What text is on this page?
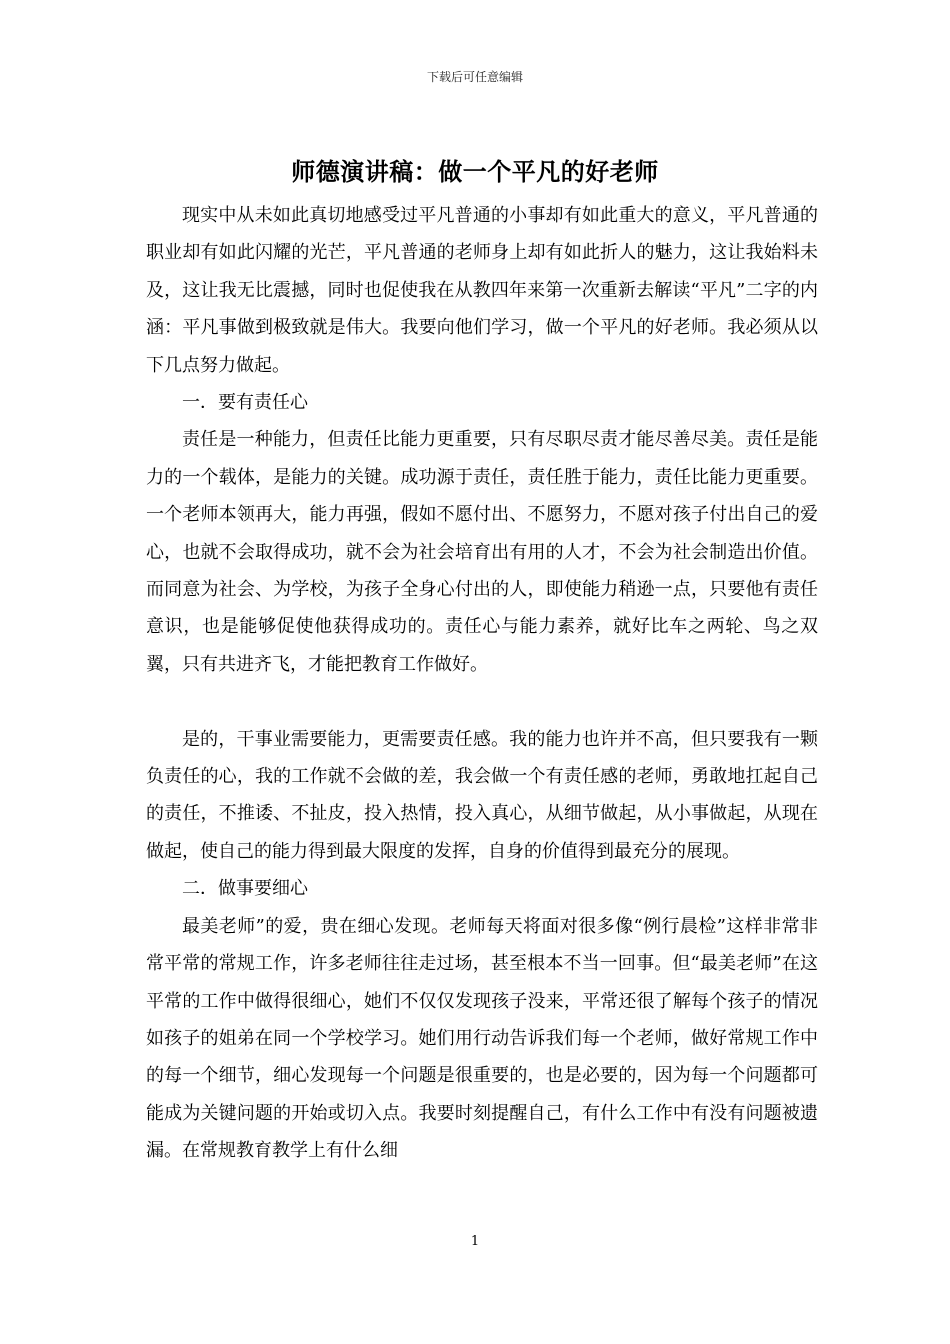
下载后可任意编辑
师德演讲稿：做一个平凡的好老师

现实中从未如此真切地感受过平凡普通的小事却有如此重大的意义，平凡普通的职业却有如此闪耀的光芒，平凡普通的老师身上却有如此折人的魅力，这让我始料未及，这让我无比震撼，同时也促使我在从教四年来第一次重新去解读“平凡”二字的内涵：平凡事做到极致就是伟大。我要向他们学习，做一个平凡的好老师。我必须从以下几点努力做起。

一．要有责任心

责任是一种能力，但责任比能力更重要，只有尽职尽责才能尽善尽美。责任是能力的一个载体，是能力的关键。成功源于责任，责任胜于能力，责任比能力更重要。一个老师本领再大，能力再强，假如不愿付出、不愿努力，不愿对孩子付出自己的爱心，也就不会取得成功，就不会为社会培育出有用的人才，不会为社会制造出价值。而同意为社会、为学校，为孩子全身心付出的人，即使能力稍逊一点，只要他有责任意识，也是能够促使他获得成功的。责任心与能力素养，就好比车之两轮、鸟之双翼，只有共进齐飞，才能把教育工作做好。

是的，干事业需要能力，更需要责任感。我的能力也许并不高，但只要我有一颗负责任的心，我的工作就不会做的差，我会做一个有责任感的老师，勇敢地扛起自己的责任，不推诿、不扯皮，投入热情，投入真心，从细节做起，从小事做起，从现在做起，使自己的能力得到最大限度的发挥，自身的价值得到最充分的展现。

二．做事要细心

最美老师”的爱，贵在细心发现。老师每天将面对很多像“例行晨检”这样非常非常平常的常规工作，许多老师往往走过场，甚至根本不当一回事。但“最美老师”在这平常的工作中做得很细心，她们不仅仅发现孩子没来，平常还很了解每个孩子的情况如孩子的姐弟在同一个学校学习。她们用行动告诉我们每一个老师，做好常规工作中的每一个细节，细心发现每一个问题是很重要的，也是必要的，因为每一个问题都可能成为关键问题的开始或切入点。我要时刻提醒自己，有什么工作中有没有问题被遗漏。在常规教育教学上有什么细

1
